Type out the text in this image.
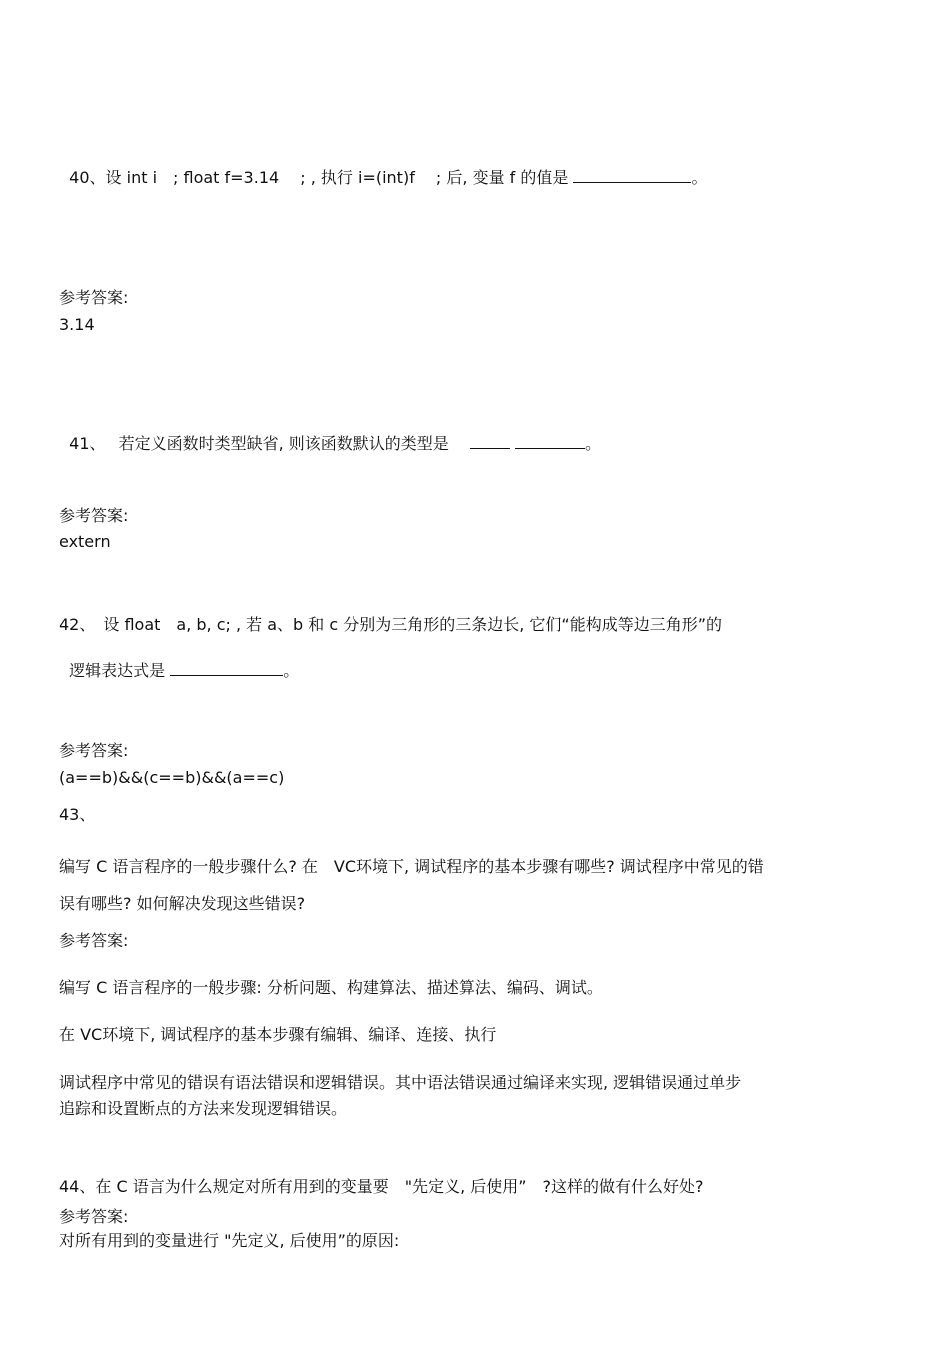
40、设 int i　; float f=3.14　 ; , 执行 i=(int)f　 ; 后, 变量 f 的值是	。

参考答案:
3.14

41、　 若定义函数时类型缺省, 则该函数默认的类型是　	。

参考答案:
extern
42、　设 float　a, b, c; , 若 a、b 和 c 分别为三角形的三条边长, 它们“能构成等边三角形”的

逻辑表达式是	。

参考答案:
(a==b)&&(c==b)&&(a==c)
43、
编写 C 语言程序的一般步骤什么? 在　VC环境下, 调试程序的基本步骤有哪些? 调试程序中常见的错
误有哪些? 如何解决发现这些错误?
参考答案:
编写 C 语言程序的一般步骤: 分析问题、构建算法、描述算法、编码、调试。
在 VC环境下, 调试程序的基本步骤有编辑、编译、连接、执行
调试程序中常见的错误有语法错误和逻辑错误。其中语法错误通过编译来实现, 逻辑错误通过单步
追踪和设置断点的方法来发现逻辑错误。
44、在 C 语言为什么规定对所有用到的变量要　"先定义, 后使用”　?这样的做有什么好处?
参考答案:
对所有用到的变量进行 "先定义, 后使用”的原因:
